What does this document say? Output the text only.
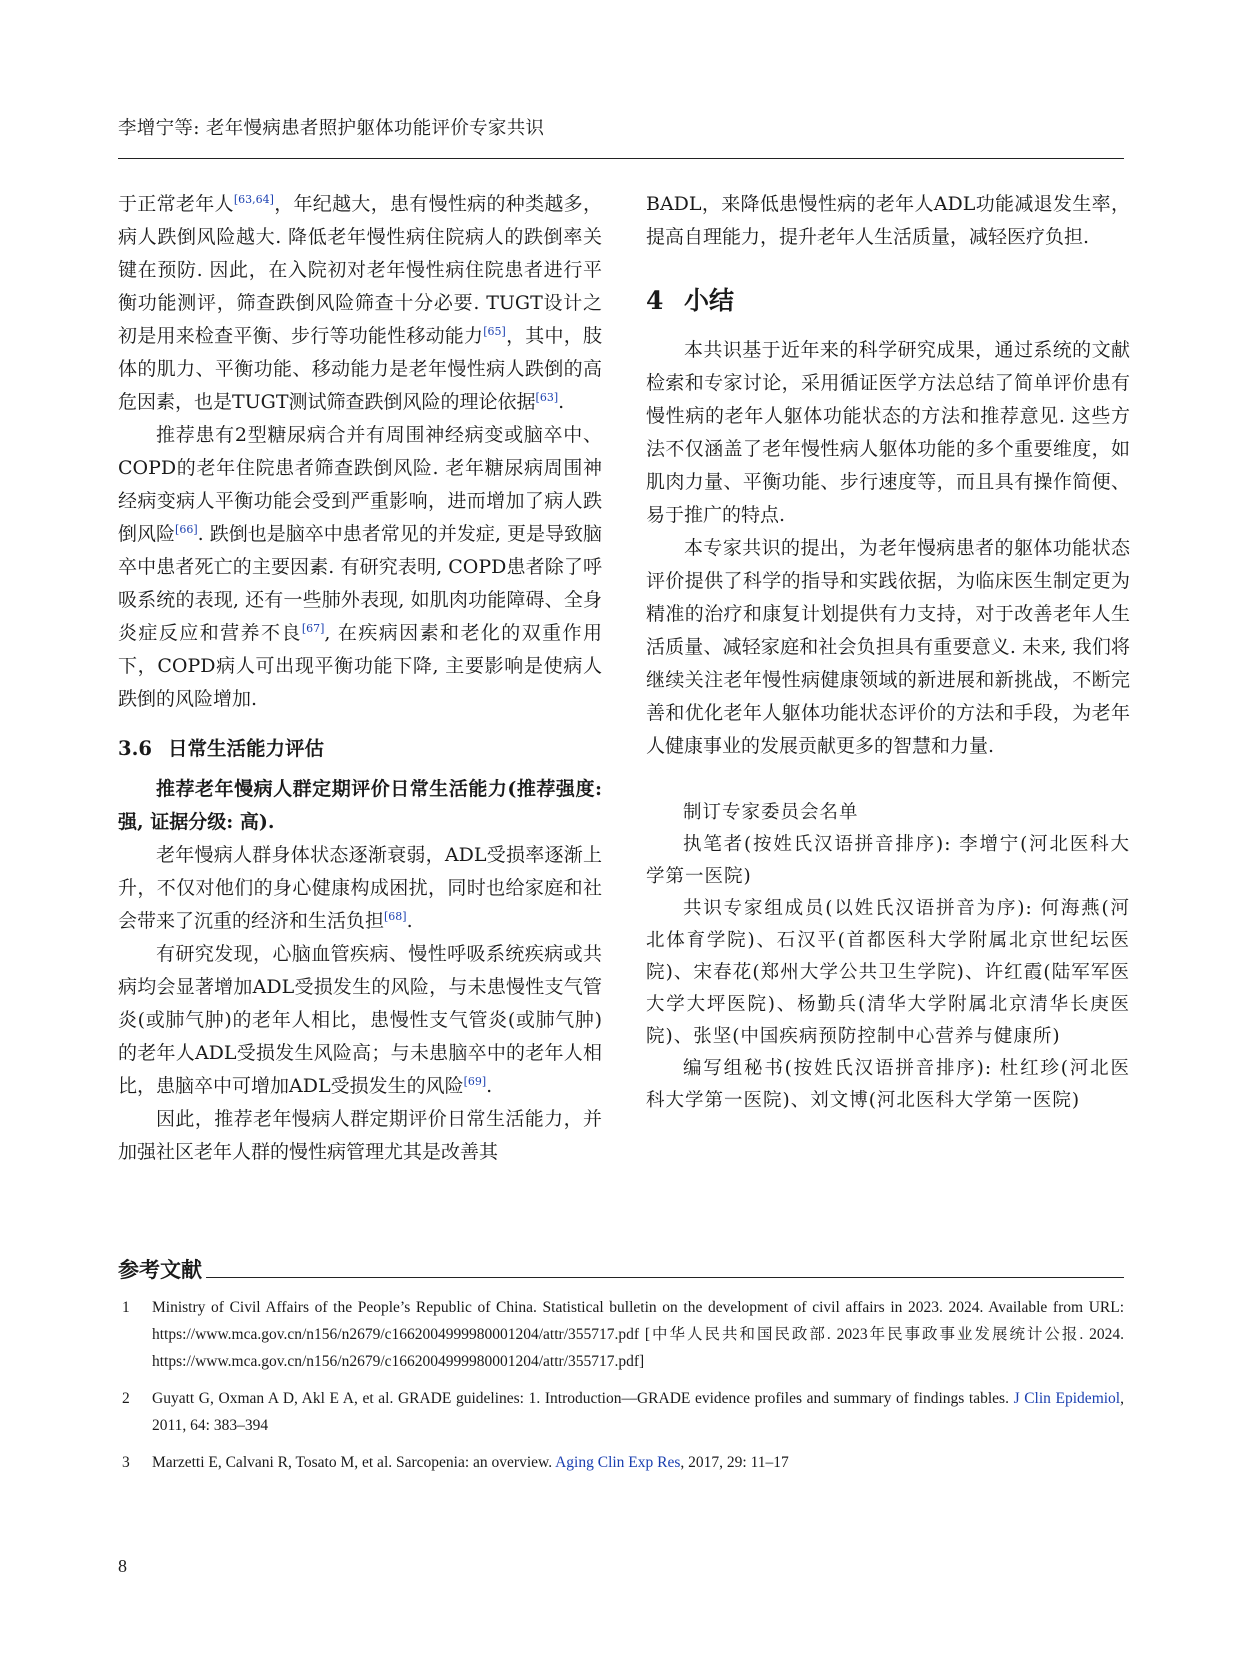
李增宁等: 老年慢病患者照护躯体功能评价专家共识

于正常老年人[63,64]，年纪越大，患有慢性病的种类越多，病人跌倒风险越大. 降低老年慢性病住院病人的跌倒率关键在预防. 因此，在入院初对老年慢性病住院患者进行平衡功能测评，筛查跌倒风险筛查十分必要. TUGT设计之初是用来检查平衡、步行等功能性移动能力[65]，其中，肢体的肌力、平衡功能、移动能力是老年慢性病人跌倒的高危因素，也是TUGT测试筛查跌倒风险的理论依据[63].

推荐患有2型糖尿病合并有周围神经病变或脑卒中、COPD的老年住院患者筛查跌倒风险. 老年糖尿病周围神经病变病人平衡功能会受到严重影响，进而增加了病人跌倒风险[66]. 跌倒也是脑卒中患者常见的并发症, 更是导致脑卒中患者死亡的主要因素. 有研究表明, COPD患者除了呼吸系统的表现, 还有一些肺外表现, 如肌肉功能障碍、全身炎症反应和营养不良[67], 在疾病因素和老化的双重作用下，COPD病人可出现平衡功能下降, 主要影响是使病人跌倒的风险增加.

3.6 日常生活能力评估

推荐老年慢病人群定期评价日常生活能力(推荐强度: 强, 证据分级: 高).

老年慢病人群身体状态逐渐衰弱，ADL受损率逐渐上升，不仅对他们的身心健康构成困扰，同时也给家庭和社会带来了沉重的经济和生活负担[68].

有研究发现，心脑血管疾病、慢性呼吸系统疾病或共病均会显著增加ADL受损发生的风险，与未患慢性支气管炎(或肺气肿)的老年人相比，患慢性支气管炎(或肺气肿)的老年人ADL受损发生风险高；与未患脑卒中的老年人相比，患脑卒中可增加ADL受损发生的风险[69].

因此，推荐老年慢病人群定期评价日常生活能力，并加强社区老年人群的慢性病管理尤其是改善其

BADL，来降低患慢性病的老年人ADL功能减退发生率，提高自理能力，提升老年人生活质量，减轻医疗负担.

4 小结

本共识基于近年来的科学研究成果，通过系统的文献检索和专家讨论，采用循证医学方法总结了简单评价患有慢性病的老年人躯体功能状态的方法和推荐意见. 这些方法不仅涵盖了老年慢性病人躯体功能的多个重要维度，如肌肉力量、平衡功能、步行速度等，而且具有操作简便、易于推广的特点.

本专家共识的提出，为老年慢病患者的躯体功能状态评价提供了科学的指导和实践依据，为临床医生制定更为精准的治疗和康复计划提供有力支持，对于改善老年人生活质量、减轻家庭和社会负担具有重要意义. 未来, 我们将继续关注老年慢性病健康领域的新进展和新挑战，不断完善和优化老年人躯体功能状态评价的方法和手段，为老年人健康事业的发展贡献更多的智慧和力量.

制订专家委员会名单

执笔者(按姓氏汉语拼音排序): 李增宁(河北医科大学第一医院)

共识专家组成员(以姓氏汉语拼音为序): 何海燕(河北体育学院)、石汉平(首都医科大学附属北京世纪坛医院)、宋春花(郑州大学公共卫生学院)、许红霞(陆军军医大学大坪医院)、杨勤兵(清华大学附属北京清华长庚医院)、张坚(中国疾病预防控制中心营养与健康所)

编写组秘书(按姓氏汉语拼音排序): 杜红珍(河北医科大学第一医院)、刘文博(河北医科大学第一医院)

参考文献
1 Ministry of Civil Affairs of the People’s Republic of China. Statistical bulletin on the development of civil affairs in 2023. 2024. Available from URL: https://www.mca.gov.cn/n156/n2679/c1662004999980001204/attr/355717.pdf [中华人民共和国民政部. 2023年民事政事业发展统计公报. 2024. https://www.mca.gov.cn/n156/n2679/c1662004999980001204/attr/355717.pdf]
2 Guyatt G, Oxman A D, Akl E A, et al. GRADE guidelines: 1. Introduction—GRADE evidence profiles and summary of findings tables. J Clin Epidemiol, 2011, 64: 383–394
3 Marzetti E, Calvani R, Tosato M, et al. Sarcopenia: an overview. Aging Clin Exp Res, 2017, 29: 11–17
8
